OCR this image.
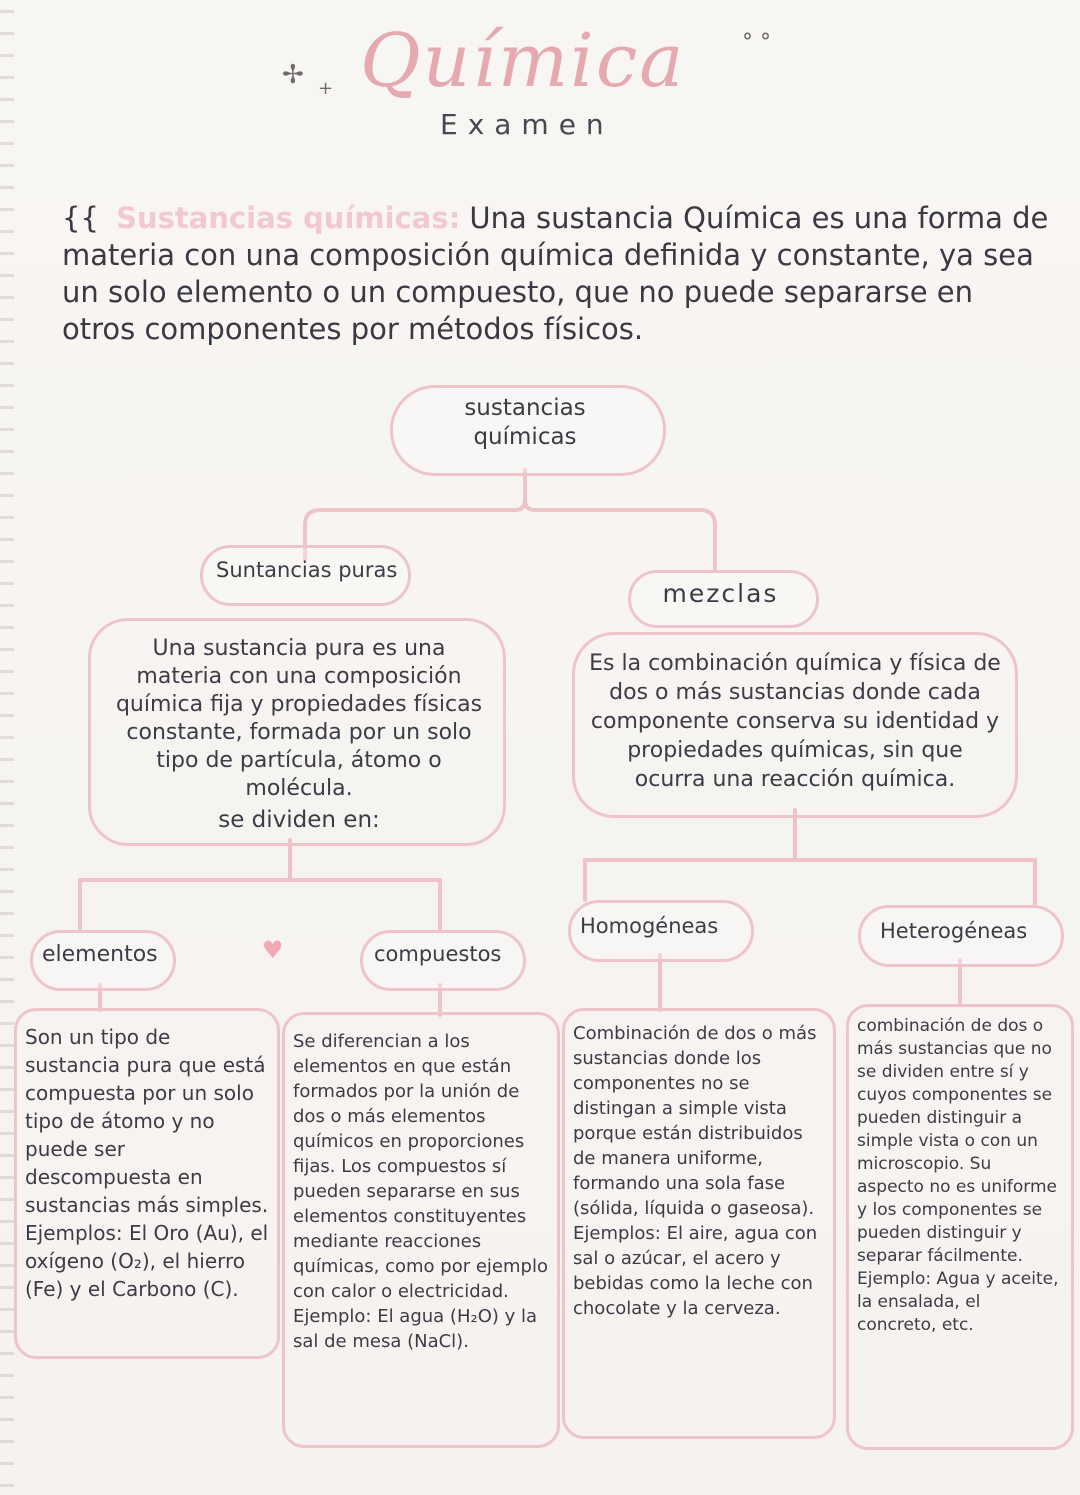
✢ + Química	° °
Examen
{{ Sustancias químicas: Una sustancia Química es una forma de materia con una composición química definida y constante, ya sea un solo elemento o un compuesto, que no puede separarse en otros componentes por métodos físicos.
sustancias químicas
Suntancias puras

Una sustancia pura es una materia con una composición química fija y propiedades físicas constante, formada por un solo tipo de partícula, átomo o molécula.

se dividen en:

mezclas

Es la combinación química y física de dos o más sustancias donde cada componente conserva su identidad y propiedades químicas, sin que ocurra una reacción química.

elementos	♥

Son un tipo de sustancia pura que está compuesta por un solo tipo de átomo y no puede ser descompuesta en sustancias más simples. Ejemplos: El Oro (Au), el oxígeno (O₂), el hierro (Fe) y el Carbono (C).

compuestos

Se diferencian a los elementos en que están formados por la unión de dos o más elementos químicos en proporciones fijas. Los compuestos sí pueden separarse en sus elementos constituyentes mediante reacciones químicas, como por ejemplo con calor o electricidad. Ejemplo: El agua (H₂O) y la sal de mesa (NaCl).

Homogéneas

Combinación de dos o más sustancias donde los componentes no se distingan a simple vista porque están distribuidos de manera uniforme, formando una sola fase (sólida, líquida o gaseosa). Ejemplos: El aire, agua con sal o azúcar, el acero y bebidas como la leche con chocolate y la cerveza.

Heterogéneas

combinación de dos o más sustancias que no se dividen entre sí y cuyos componentes se pueden distinguir a simple vista o con un microscopio. Su aspecto no es uniforme y los componentes se pueden distinguir y separar fácilmente. Ejemplo: Agua y aceite, la ensalada, el concreto, etc.
